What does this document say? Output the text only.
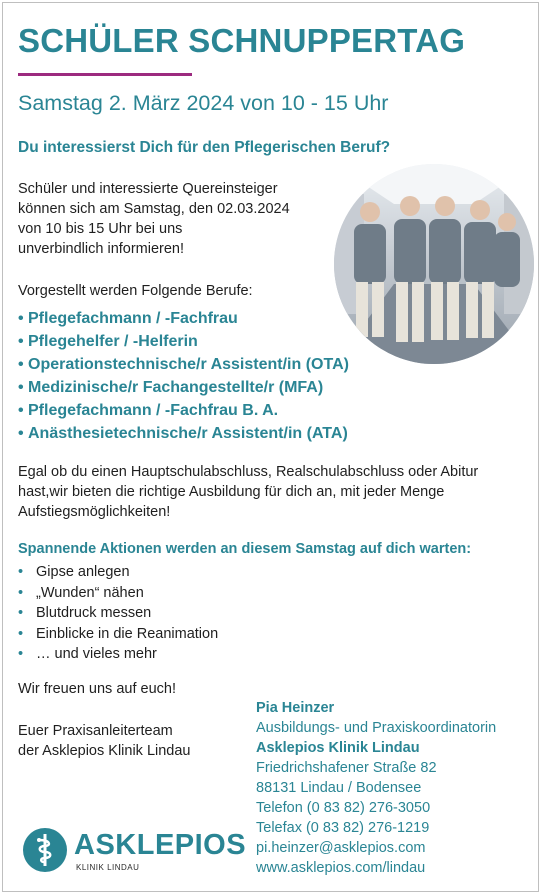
SCHÜLER SCHNUPPERTAG
Samstag 2. März 2024 von 10 - 15 Uhr
Du interessierst Dich für den Pflegerischen Beruf?
Schüler und interessierte Quereinsteiger
können sich am Samstag, den 02.03.2024
von 10 bis 15 Uhr bei uns
unverbindlich informieren!
Vorgestellt werden Folgende Berufe:
• Pflegefachmann / -Fachfrau
• Pflegehelfer / -Helferin
• Operationstechnische/r Assistent/in (OTA)
• Medizinische/r Fachangestellte/r (MFA)
• Pflegefachmann / -Fachfrau B. A.
• Anästhesietechnische/r Assistent/in (ATA)
Egal ob du einen Hauptschulabschluss, Realschulabschluss oder Abitur
hast,wir bieten die richtige Ausbildung für dich an, mit jeder Menge
Aufstiegsmöglichkeiten!
Spannende Aktionen werden an diesem Samstag auf dich warten:
• Gipse anlegen
• „Wunden“ nähen
• Blutdruck messen
• Einblicke in die Reanimation
• … und vieles mehr
Wir freuen uns auf euch!
Euer Praxisanleiterteam
der Asklepios Klinik Lindau
Pia Heinzer
Ausbildungs- und Praxiskoordinatorin
Asklepios Klinik Lindau
Friedrichshafener Straße 82
88131 Lindau / Bodensee
Telefon (0 83 82) 276-3050
Telefax (0 83 82) 276-1219
pi.heinzer@asklepios.com
www.asklepios.com/lindau
ASKLEPIOS
KLINIK LINDAU
